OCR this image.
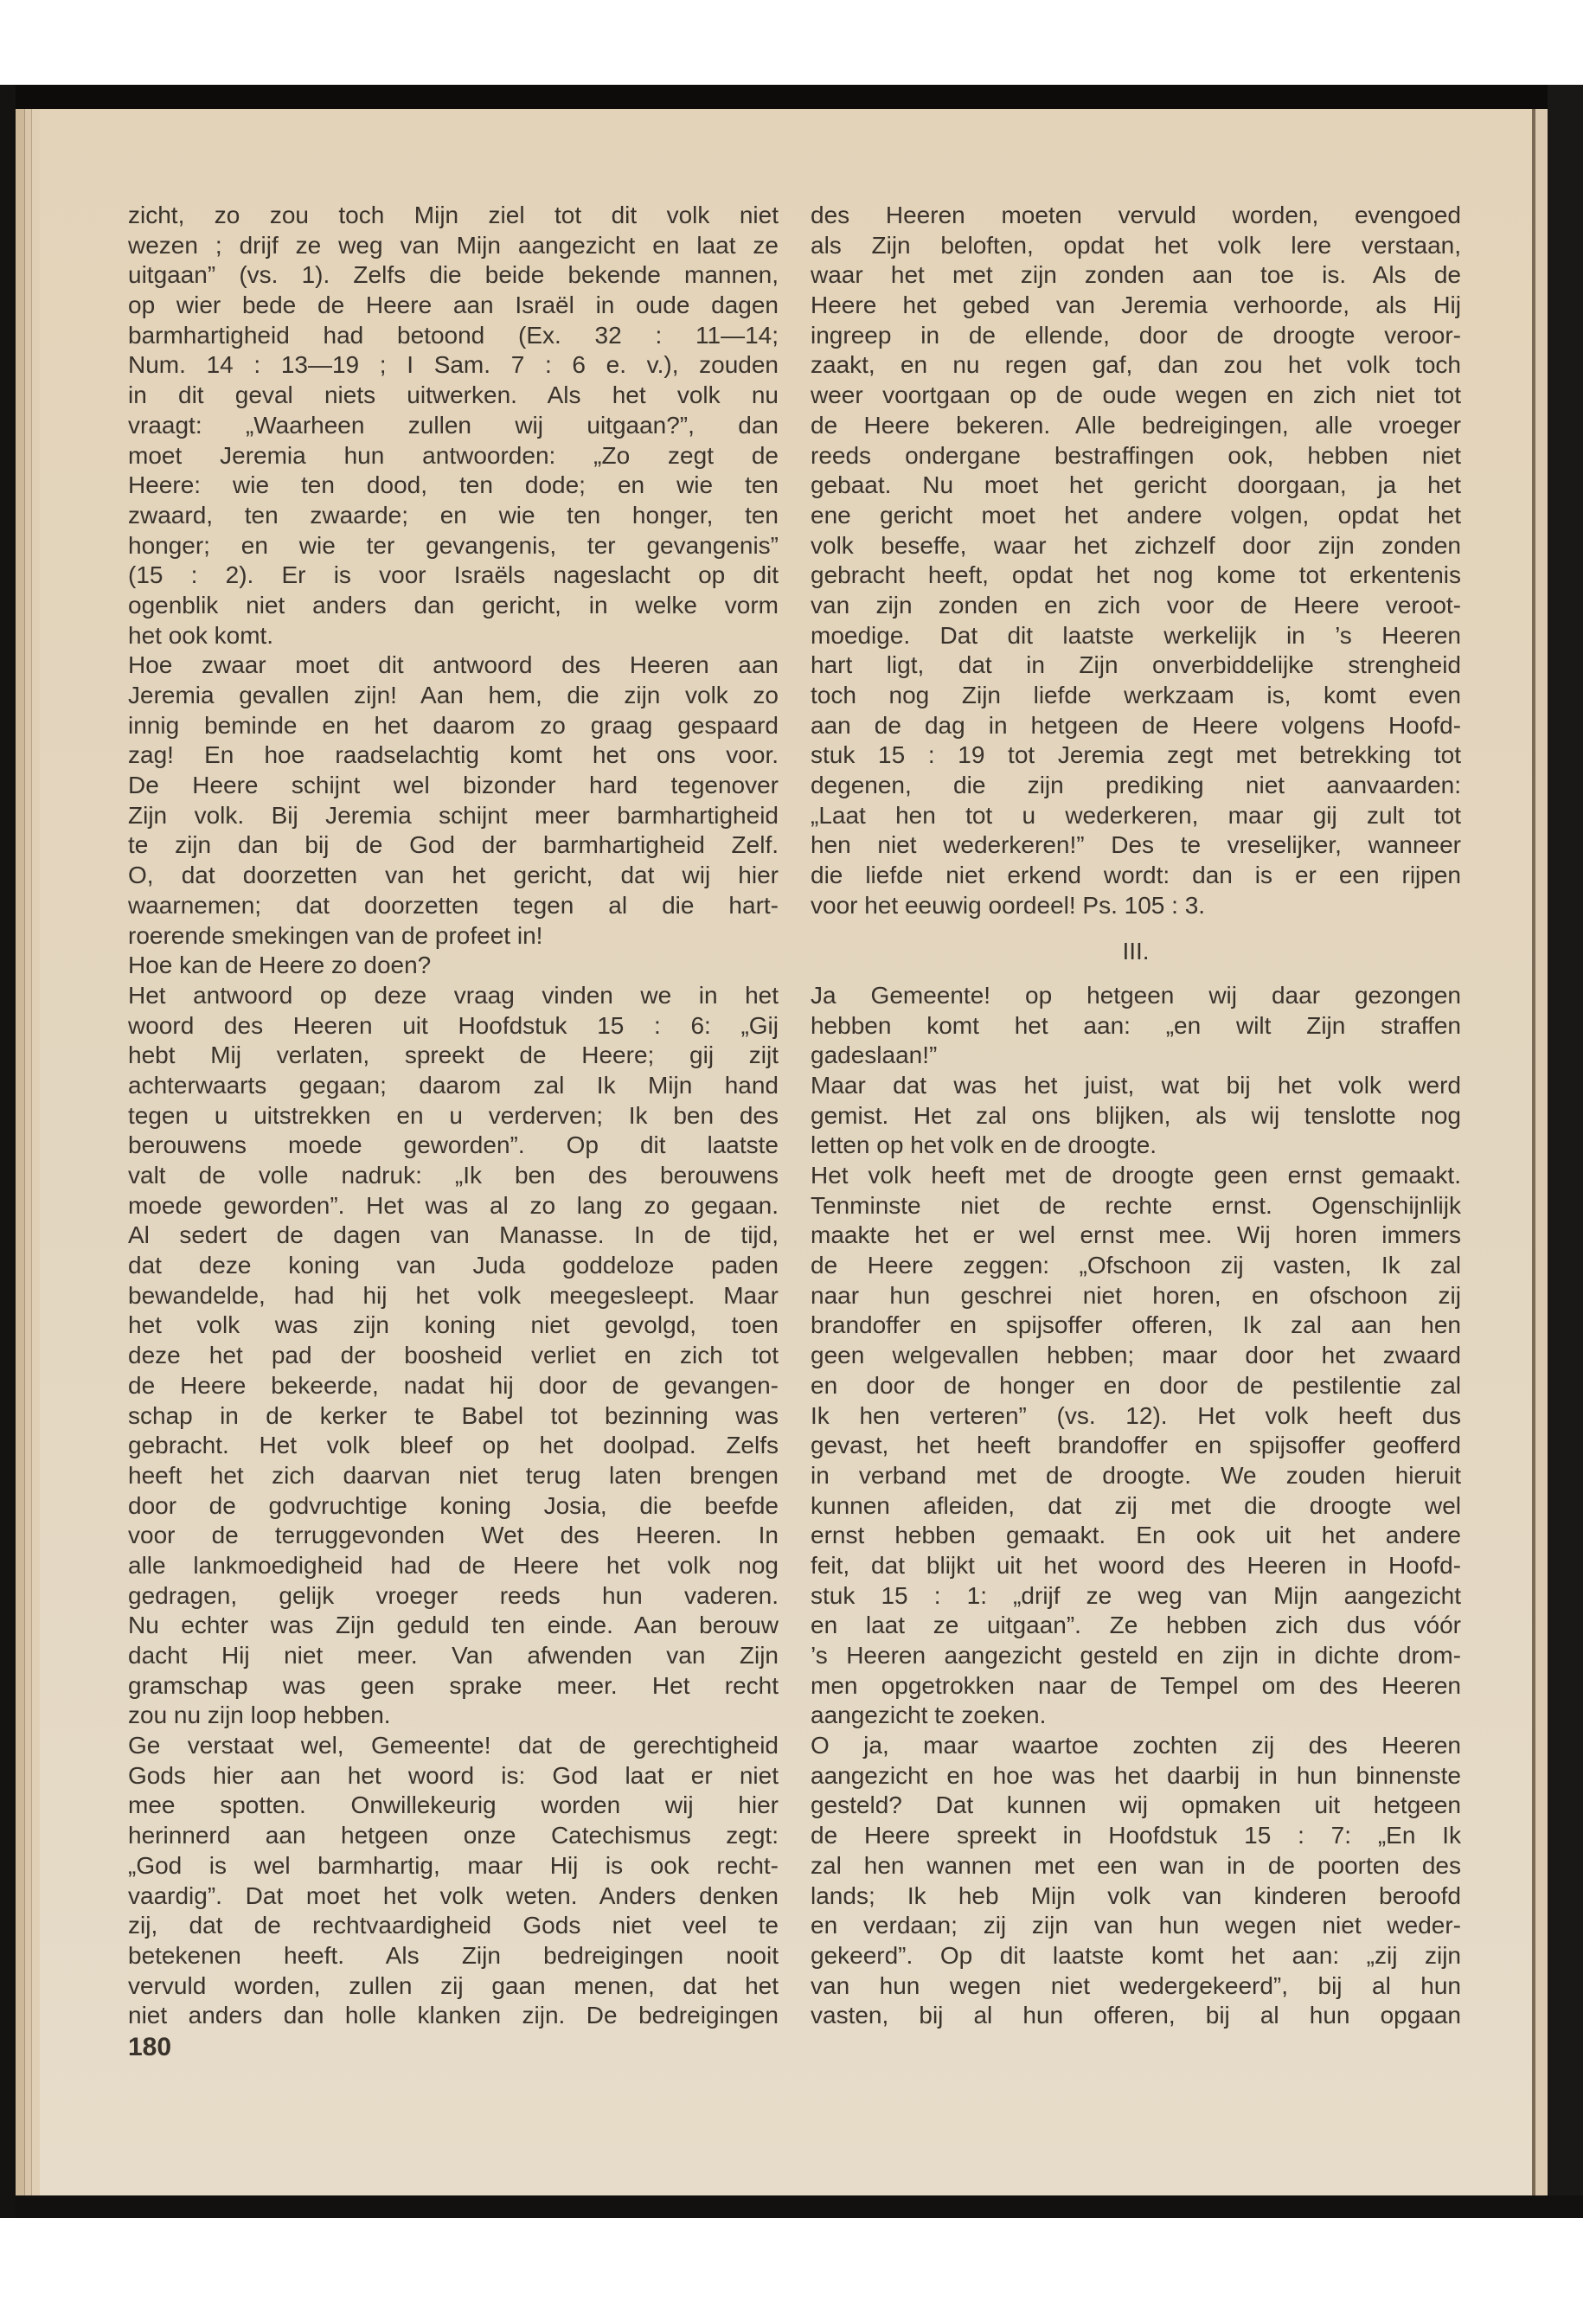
zicht, zo zou toch Mijn ziel tot dit volk niet
wezen ; drijf ze weg van Mijn aangezicht en laat ze
uitgaan” (vs. 1). Zelfs die beide bekende mannen,
op wier bede de Heere aan Israël in oude dagen
barmhartigheid had betoond (Ex. 32 : 11—14;
Num. 14 : 13—19 ; I Sam. 7 : 6 e. v.), zouden
in dit geval niets uitwerken. Als het volk nu
vraagt: „Waarheen zullen wij uitgaan?”, dan
moet Jeremia hun antwoorden: „Zo zegt de
Heere: wie ten dood, ten dode; en wie ten
zwaard, ten zwaarde; en wie ten honger, ten
honger; en wie ter gevangenis, ter gevangenis”
(15 : 2). Er is voor Israëls nageslacht op dit
ogenblik niet anders dan gericht, in welke vorm
het ook komt.
Hoe zwaar moet dit antwoord des Heeren aan
Jeremia gevallen zijn! Aan hem, die zijn volk zo
innig beminde en het daarom zo graag gespaard
zag! En hoe raadselachtig komt het ons voor.
De Heere schijnt wel bizonder hard tegenover
Zijn volk. Bij Jeremia schijnt meer barmhartigheid
te zijn dan bij de God der barmhartigheid Zelf.
O, dat doorzetten van het gericht, dat wij hier
waarnemen; dat doorzetten tegen al die hart-
roerende smekingen van de profeet in!
Hoe kan de Heere zo doen?
Het antwoord op deze vraag vinden we in het
woord des Heeren uit Hoofdstuk 15 : 6: „Gij
hebt Mij verlaten, spreekt de Heere; gij zijt
achterwaarts gegaan; daarom zal Ik Mijn hand
tegen u uitstrekken en u verderven; Ik ben des
berouwens moede geworden”. Op dit laatste
valt de volle nadruk: „Ik ben des berouwens
moede geworden”. Het was al zo lang zo gegaan.
Al sedert de dagen van Manasse. In de tijd,
dat deze koning van Juda goddeloze paden
bewandelde, had hij het volk meegesleept. Maar
het volk was zijn koning niet gevolgd, toen
deze het pad der boosheid verliet en zich tot
de Heere bekeerde, nadat hij door de gevangen-
schap in de kerker te Babel tot bezinning was
gebracht. Het volk bleef op het doolpad. Zelfs
heeft het zich daarvan niet terug laten brengen
door de godvruchtige koning Josia, die beefde
voor de terruggevonden Wet des Heeren. In
alle lankmoedigheid had de Heere het volk nog
gedragen, gelijk vroeger reeds hun vaderen.
Nu echter was Zijn geduld ten einde. Aan berouw
dacht Hij niet meer. Van afwenden van Zijn
gramschap was geen sprake meer. Het recht
zou nu zijn loop hebben.
Ge verstaat wel, Gemeente! dat de gerechtigheid
Gods hier aan het woord is: God laat er niet
mee spotten. Onwillekeurig worden wij hier
herinnerd aan hetgeen onze Catechismus zegt:
„God is wel barmhartig, maar Hij is ook recht-
vaardig”. Dat moet het volk weten. Anders denken
zij, dat de rechtvaardigheid Gods niet veel te
betekenen heeft. Als Zijn bedreigingen nooit
vervuld worden, zullen zij gaan menen, dat het
niet anders dan holle klanken zijn. De bedreigingen
des Heeren moeten vervuld worden, evengoed
als Zijn beloften, opdat het volk lere verstaan,
waar het met zijn zonden aan toe is. Als de
Heere het gebed van Jeremia verhoorde, als Hij
ingreep in de ellende, door de droogte veroor-
zaakt, en nu regen gaf, dan zou het volk toch
weer voortgaan op de oude wegen en zich niet tot
de Heere bekeren. Alle bedreigingen, alle vroeger
reeds ondergane bestraffingen ook, hebben niet
gebaat. Nu moet het gericht doorgaan, ja het
ene gericht moet het andere volgen, opdat het
volk beseffe, waar het zichzelf door zijn zonden
gebracht heeft, opdat het nog kome tot erkentenis
van zijn zonden en zich voor de Heere veroot-
moedige. Dat dit laatste werkelijk in ’s Heeren
hart ligt, dat in Zijn onverbiddelijke strengheid
toch nog Zijn liefde werkzaam is, komt even
aan de dag in hetgeen de Heere volgens Hoofd-
stuk 15 : 19 tot Jeremia zegt met betrekking tot
degenen, die zijn prediking niet aanvaarden:
„Laat hen tot u wederkeren, maar gij zult tot
hen niet wederkeren!” Des te vreselijker, wanneer
die liefde niet erkend wordt: dan is er een rijpen
voor het eeuwig oordeel! Ps. 105 : 3.
III.
Ja Gemeente! op hetgeen wij daar gezongen
hebben komt het aan: „en wilt Zijn straffen
gadeslaan!”
Maar dat was het juist, wat bij het volk werd
gemist. Het zal ons blijken, als wij tenslotte nog
letten op het volk en de droogte.
Het volk heeft met de droogte geen ernst gemaakt.
Tenminste niet de rechte ernst. Ogenschijnlijk
maakte het er wel ernst mee. Wij horen immers
de Heere zeggen: „Ofschoon zij vasten, Ik zal
naar hun geschrei niet horen, en ofschoon zij
brandoffer en spijsoffer offeren, Ik zal aan hen
geen welgevallen hebben; maar door het zwaard
en door de honger en door de pestilentie zal
Ik hen verteren” (vs. 12). Het volk heeft dus
gevast, het heeft brandoffer en spijsoffer geofferd
in verband met de droogte. We zouden hieruit
kunnen afleiden, dat zij met die droogte wel
ernst hebben gemaakt. En ook uit het andere
feit, dat blijkt uit het woord des Heeren in Hoofd-
stuk 15 : 1: „drijf ze weg van Mijn aangezicht
en laat ze uitgaan”. Ze hebben zich dus vóór
’s Heeren aangezicht gesteld en zijn in dichte drom-
men opgetrokken naar de Tempel om des Heeren
aangezicht te zoeken.
O ja, maar waartoe zochten zij des Heeren
aangezicht en hoe was het daarbij in hun binnenste
gesteld? Dat kunnen wij opmaken uit hetgeen
de Heere spreekt in Hoofdstuk 15 : 7: „En Ik
zal hen wannen met een wan in de poorten des
lands; Ik heb Mijn volk van kinderen beroofd
en verdaan; zij zijn van hun wegen niet weder-
gekeerd”. Op dit laatste komt het aan: „zij zijn
van hun wegen niet wedergekeerd”, bij al hun
vasten, bij al hun offeren, bij al hun opgaan
180
